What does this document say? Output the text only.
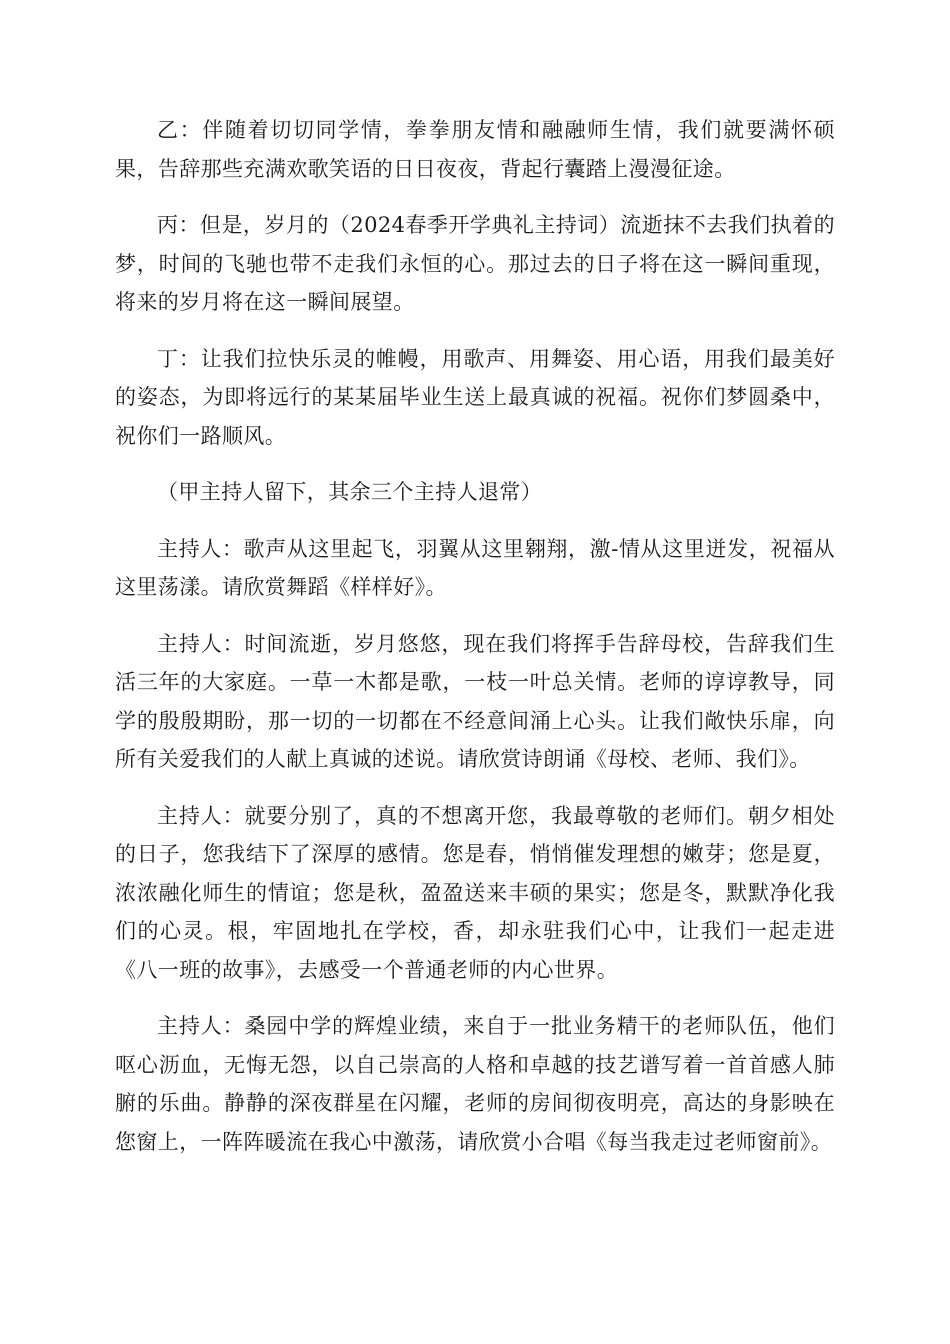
乙：伴随着切切同学情，拳拳朋友情和融融师生情，我们就要满怀硕果，告辞那些充满欢歌笑语的日日夜夜，背起行囊踏上漫漫征途。

丙：但是，岁月的（2024春季开学典礼主持词）流逝抹不去我们执着的梦，时间的飞驰也带不走我们永恒的心。那过去的日子将在这一瞬间重现，将来的岁月将在这一瞬间展望。

丁：让我们拉快乐灵的帷幔，用歌声、用舞姿、用心语，用我们最美好的姿态，为即将远行的某某届毕业生送上最真诚的祝福。祝你们梦圆桑中，祝你们一路顺风。

（甲主持人留下，其余三个主持人退常）

主持人：歌声从这里起飞，羽翼从这里翱翔，激-情从这里迸发，祝福从这里荡漾。请欣赏舞蹈《样样好》。

主持人：时间流逝，岁月悠悠，现在我们将挥手告辞母校，告辞我们生活三年的大家庭。一草一木都是歌，一枝一叶总关情。老师的谆谆教导，同学的殷殷期盼，那一切的一切都在不经意间涌上心头。让我们敞快乐扉，向所有关爱我们的人献上真诚的述说。请欣赏诗朗诵《母校、老师、我们》。

主持人：就要分别了，真的不想离开您，我最尊敬的老师们。朝夕相处的日子，您我结下了深厚的感情。您是春，悄悄催发理想的嫩芽；您是夏，浓浓融化师生的情谊；您是秋，盈盈送来丰硕的果实；您是冬，默默净化我们的心灵。根，牢固地扎在学校，香，却永驻我们心中，让我们一起走进《八一班的故事》，去感受一个普通老师的内心世界。

主持人：桑园中学的辉煌业绩，来自于一批业务精干的老师队伍，他们呕心沥血，无悔无怨，以自己崇高的人格和卓越的技艺谱写着一首首感人肺腑的乐曲。静静的深夜群星在闪耀，老师的房间彻夜明亮，高达的身影映在您窗上，一阵阵暖流在我心中激荡，请欣赏小合唱《每当我走过老师窗前》。
